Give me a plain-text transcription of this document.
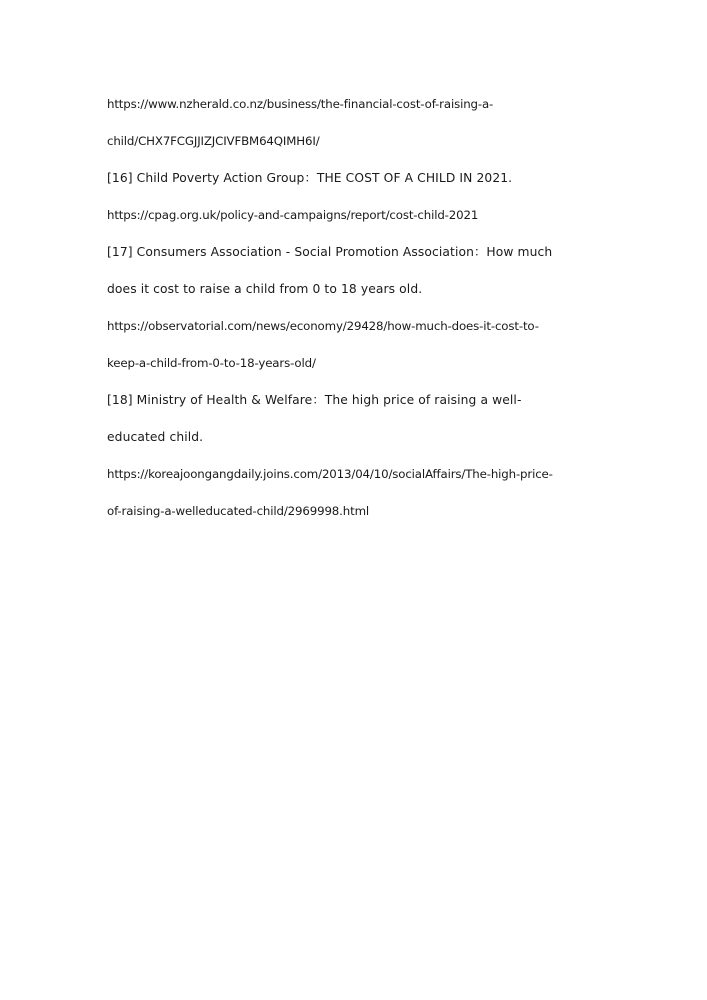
https://www.nzherald.co.nz/business/the-financial-cost-of-raising-a-
child/CHX7FCGJJIZJCIVFBM64QIMH6I/
[16] Child Poverty Action Group：THE COST OF A CHILD IN 2021.
https://cpag.org.uk/policy-and-campaigns/report/cost-child-2021
[17] Consumers Association - Social Promotion Association：How much
does it cost to raise a child from 0 to 18 years old.
https://observatorial.com/news/economy/29428/how-much-does-it-cost-to-
keep-a-child-from-0-to-18-years-old/
[18] Ministry of Health & Welfare：The high price of raising a well-
educated child.
https://koreajoongangdaily.joins.com/2013/04/10/socialAffairs/The-high-price-
of-raising-a-welleducated-child/2969998.html
